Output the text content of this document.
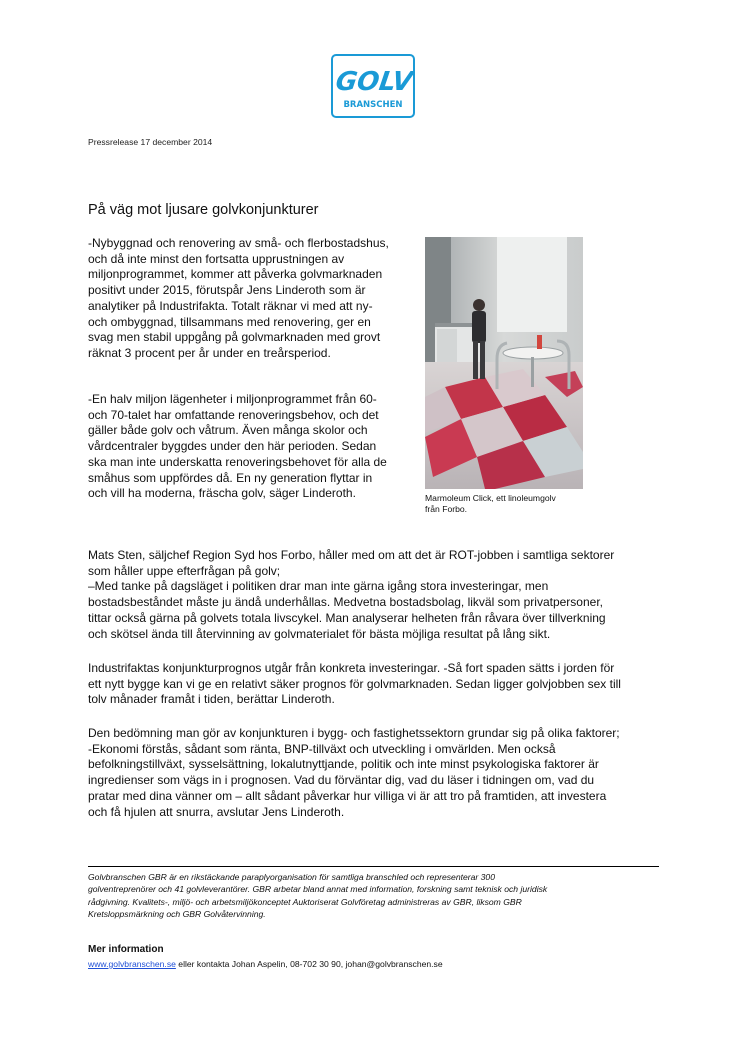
GOLV
BRANSCHEN
Pressrelease 17 december 2014
På väg mot ljusare golvkonjunkturer

-Nybyggnad och renovering av små- och flerbostadshus,
och då inte minst den fortsatta upprustningen av
miljonprogrammet, kommer att påverka golvmarknaden
positivt under 2015, förutspår Jens Linderoth som är
analytiker på Industrifakta. Totalt räknar vi med att ny-
och ombyggnad, tillsammans med renovering, ger en
svag men stabil uppgång på golvmarknaden med grovt
räknat 3 procent per år under en treårsperiod.

-En halv miljon lägenheter i miljonprogrammet från 60-
och 70-talet har omfattande renoveringsbehov, och det
gäller både golv och våtrum. Även många skolor och
vårdcentraler byggdes under den här perioden. Sedan
ska man inte underskatta renoveringsbehovet för alla de
småhus som uppfördes då. En ny generation flyttar in
och vill ha moderna, fräscha golv, säger Linderoth.	Marmoleum Click, ett linoleumgolv
från Forbo.

Mats Sten, säljchef Region Syd hos Forbo, håller med om att det är ROT-jobben i samtliga sektorer
som håller uppe efterfrågan på golv;
–Med tanke på dagsläget i politiken drar man inte gärna igång stora investeringar, men
bostadsbeståndet måste ju ändå underhållas. Medvetna bostadsbolag, likväl som privatpersoner,
tittar också gärna på golvets totala livscykel. Man analyserar helheten från råvara över tillverkning
och skötsel ända till återvinning av golvmaterialet för bästa möjliga resultat på lång sikt.

Industrifaktas konjunkturprognos utgår från konkreta investeringar. -Så fort spaden sätts i jorden för
ett nytt bygge kan vi ge en relativt säker prognos för golvmarknaden. Sedan ligger golvjobben sex till
tolv månader framåt i tiden, berättar Linderoth.

Den bedömning man gör av konjunkturen i bygg- och fastighetssektorn grundar sig på olika faktorer;
-Ekonomi förstås, sådant som ränta, BNP-tillväxt och utveckling i omvärlden. Men också
befolkningstillväxt, sysselsättning, lokalutnyttjande, politik och inte minst psykologiska faktorer är
ingredienser som vägs in i prognosen. Vad du förväntar dig, vad du läser i tidningen om, vad du
pratar med dina vänner om – allt sådant påverkar hur villiga vi är att tro på framtiden, att investera
och få hjulen att snurra, avslutar Jens Linderoth.

Golvbranschen GBR är en rikstäckande paraplyorganisation för samtliga branschled och representerar 300
golventreprenörer och 41 golvleverantörer. GBR arbetar bland annat med information, forskning samt teknisk och juridisk
rådgivning. Kvalitets-, miljö- och arbetsmiljökonceptet Auktoriserat Golvföretag administreras av GBR, liksom GBR
Kretsloppsmärkning och GBR Golvåtervinning.

Mer information
www.golvbranschen.se eller kontakta Johan Aspelin, 08-702 30 90, johan@golvbranschen.se
